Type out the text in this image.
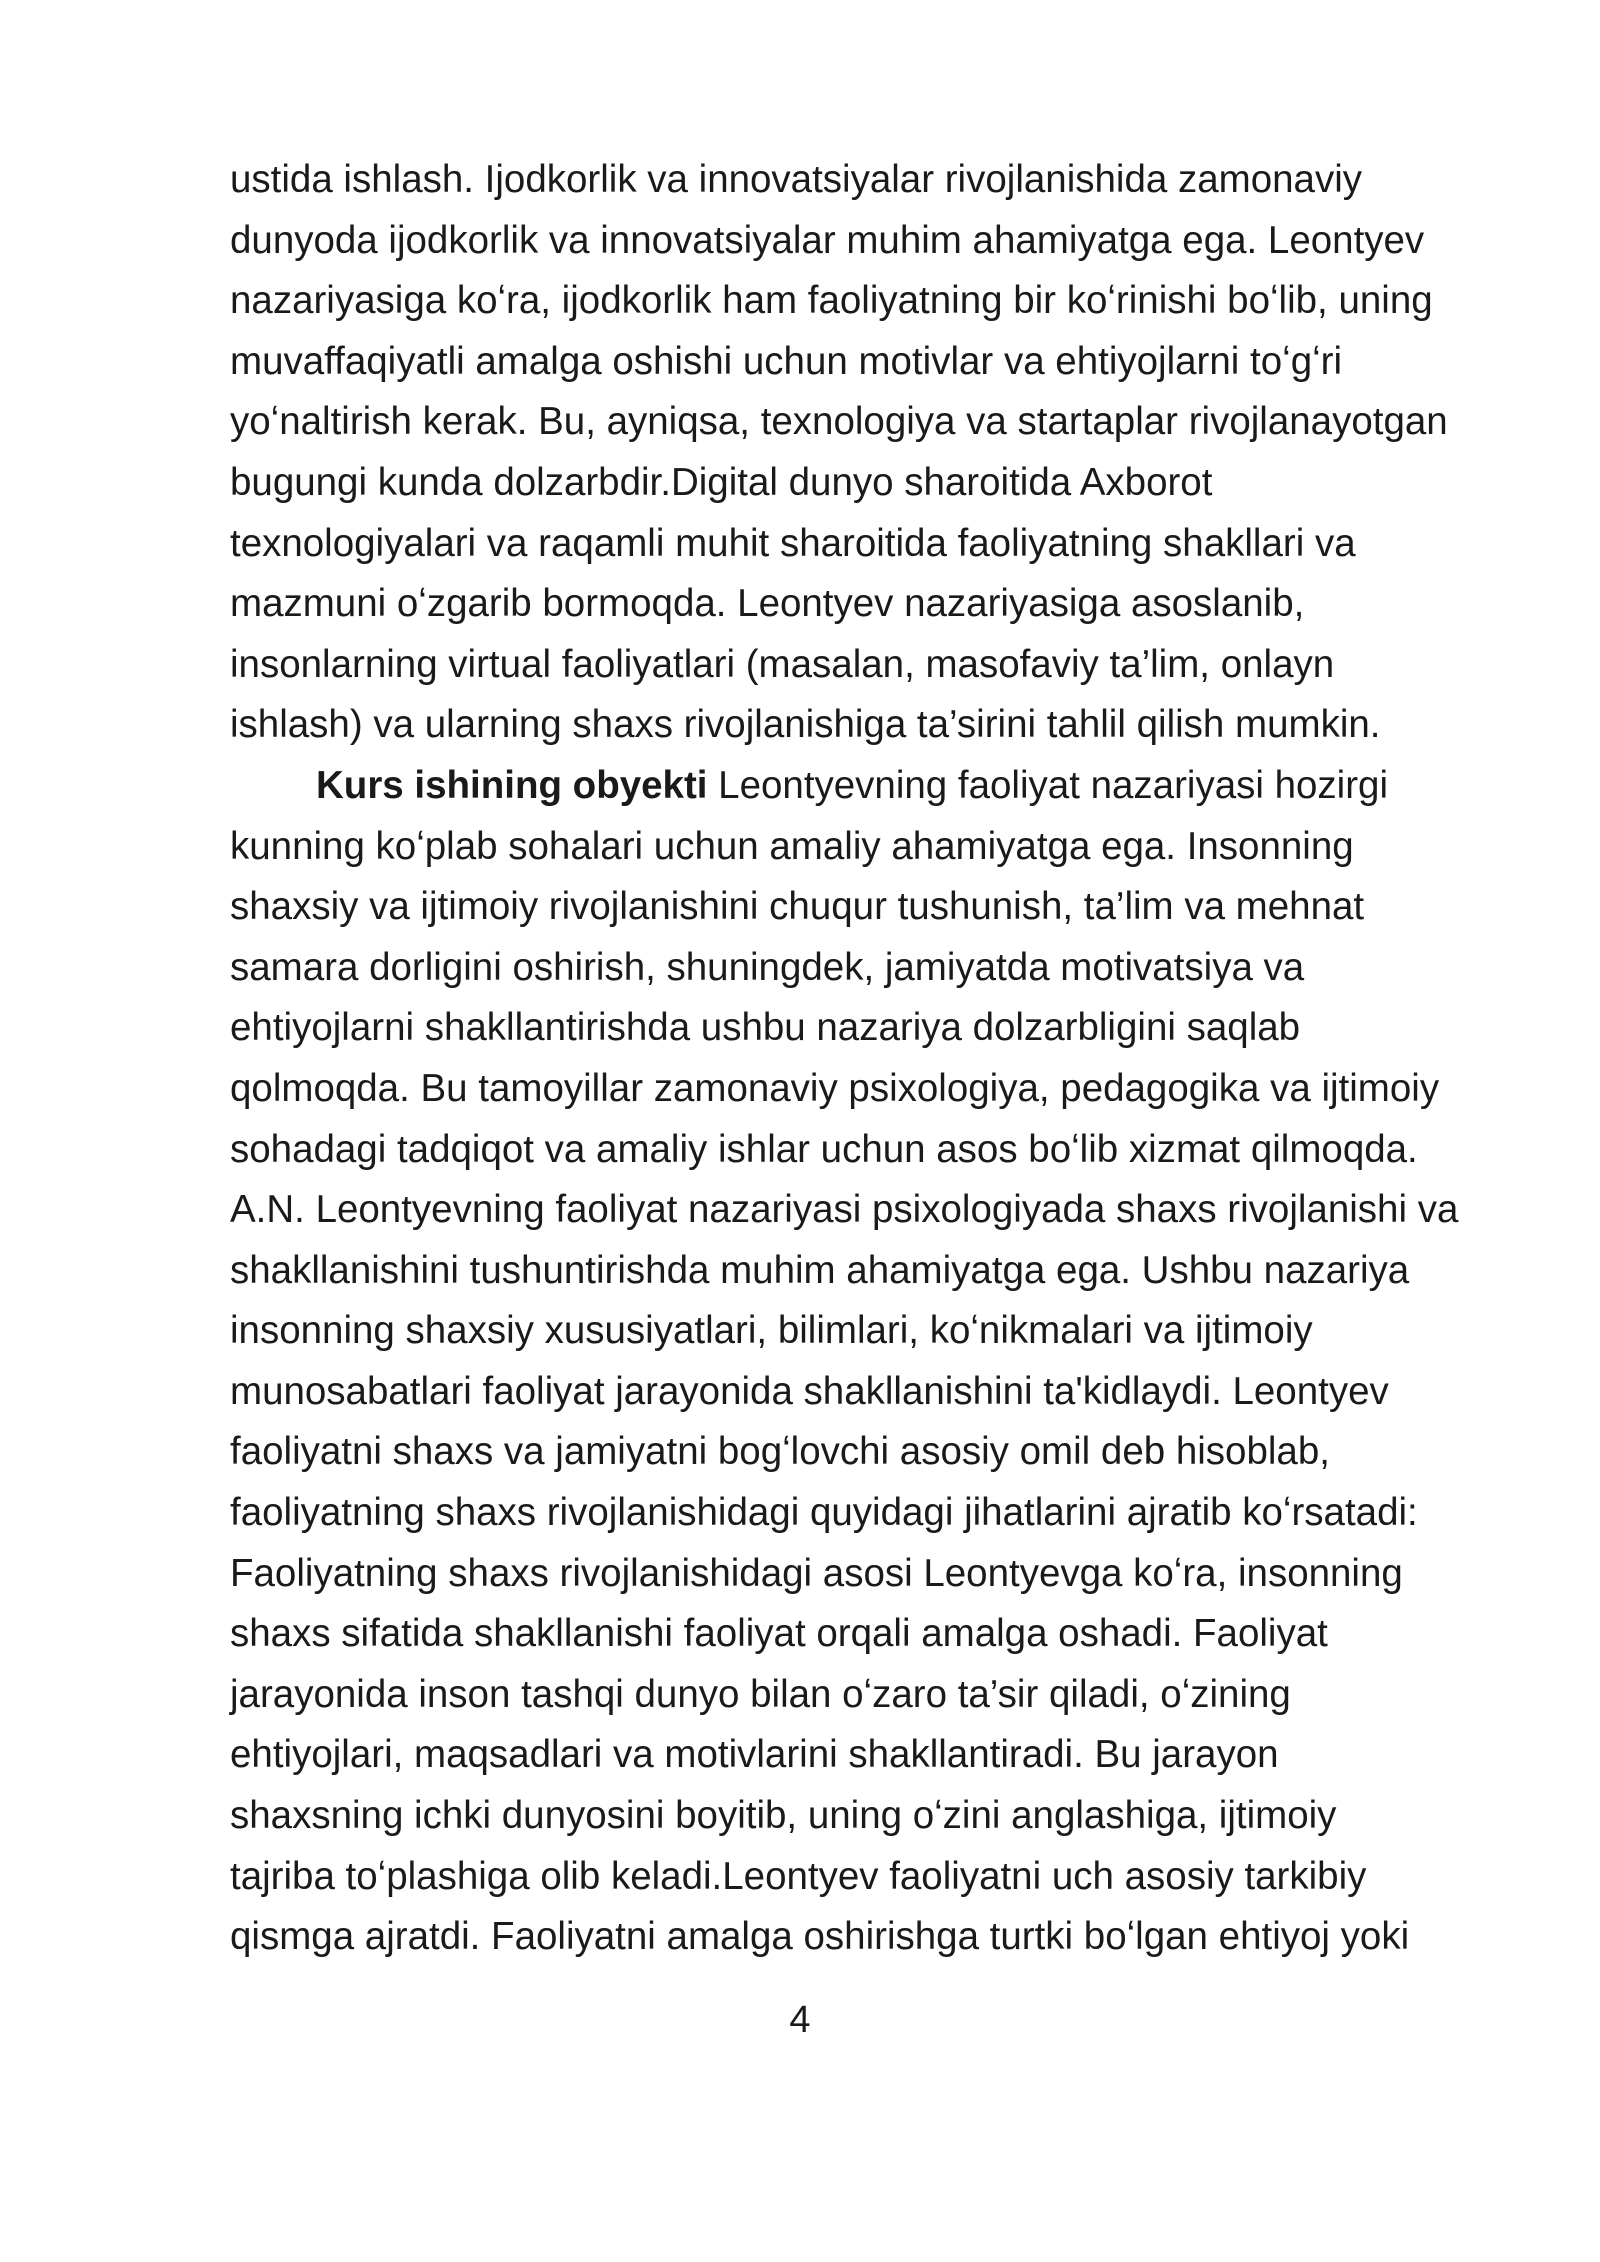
ustida ishlash. Ijodkorlik va innovatsiyalar rivojlanishida zamonaviy
dunyoda ijodkorlik va innovatsiyalar muhim ahamiyatga ega. Leontyev
nazariyasiga koʻra, ijodkorlik ham faoliyatning bir koʻrinishi boʻlib, uning
muvaffaqiyatli amalga oshishi uchun motivlar va ehtiyojlarni toʻgʻri
yoʻnaltirish kerak. Bu, ayniqsa, texnologiya va startaplar rivojlanayotgan
bugungi kunda dolzarbdir.Digital dunyo sharoitida Axborot
texnologiyalari va raqamli muhit sharoitida faoliyatning shakllari va
mazmuni oʻzgarib bormoqda. Leontyev nazariyasiga asoslanib,
insonlarning virtual faoliyatlari (masalan, masofaviy ta’lim, onlayn
ishlash) va ularning shaxs rivojlanishiga ta’sirini tahlil qilish mumkin.
Kurs ishining obyekti Leontyevning faoliyat nazariyasi hozirgi
kunning koʻplab sohalari uchun amaliy ahamiyatga ega. Insonning
shaxsiy va ijtimoiy rivojlanishini chuqur tushunish, ta’lim va mehnat
samara dorligini oshirish, shuningdek, jamiyatda motivatsiya va
ehtiyojlarni shakllantirishda ushbu nazariya dolzarbligini saqlab
qolmoqda. Bu tamoyillar zamonaviy psixologiya, pedagogika va ijtimoiy
sohadagi tadqiqot va amaliy ishlar uchun asos boʻlib xizmat qilmoqda.
A.N. Leontyevning faoliyat nazariyasi psixologiyada shaxs rivojlanishi va
shakllanishini tushuntirishda muhim ahamiyatga ega. Ushbu nazariya
insonning shaxsiy xususiyatlari, bilimlari, koʻnikmalari va ijtimoiy
munosabatlari faoliyat jarayonida shakllanishini ta'kidlaydi. Leontyev
faoliyatni shaxs va jamiyatni bogʻlovchi asosiy omil deb hisoblab,
faoliyatning shaxs rivojlanishidagi quyidagi jihatlarini ajratib koʻrsatadi:
Faoliyatning shaxs rivojlanishidagi asosi Leontyevga koʻra, insonning
shaxs sifatida shakllanishi faoliyat orqali amalga oshadi. Faoliyat
jarayonida inson tashqi dunyo bilan oʻzaro ta’sir qiladi, oʻzining
ehtiyojlari, maqsadlari va motivlarini shakllantiradi. Bu jarayon
shaxsning ichki dunyosini boyitib, uning oʻzini anglashiga, ijtimoiy
tajriba toʻplashiga olib keladi.Leontyev faoliyatni uch asosiy tarkibiy
qismga ajratdi. Faoliyatni amalga oshirishga turtki boʻlgan ehtiyoj yoki
4
